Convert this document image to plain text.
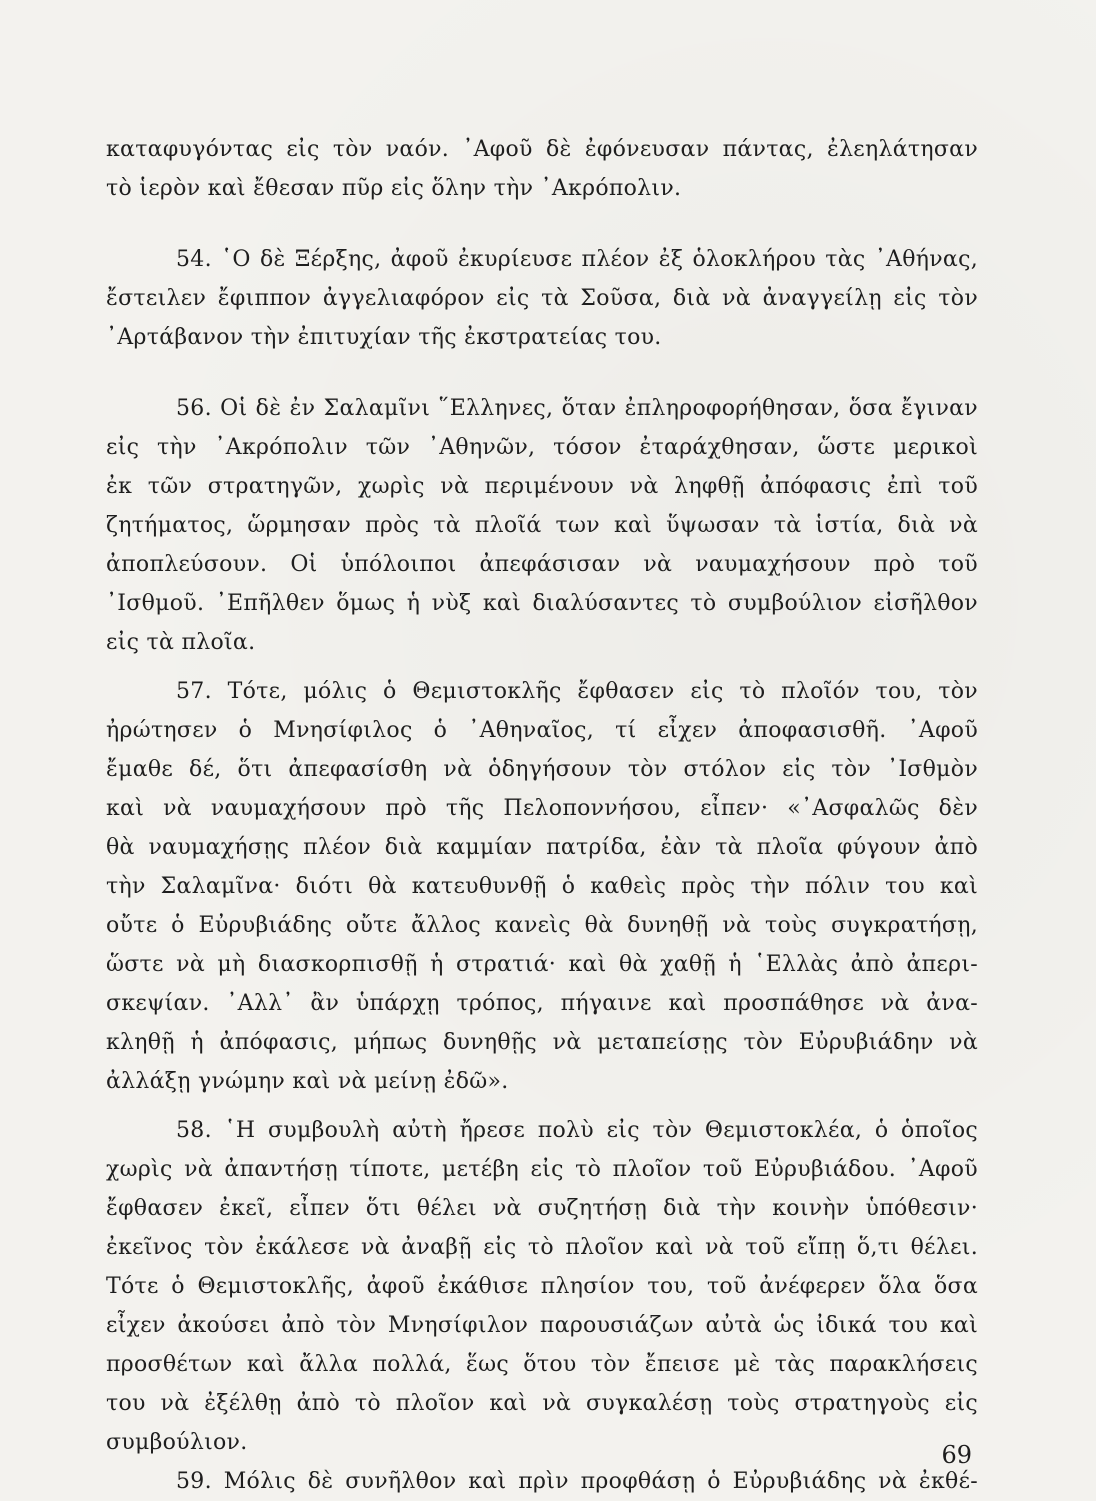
καταφυγόντας εἰς τὸν ναόν. ᾿Αφοῦ δὲ ἐφόνευσαν πάντας, ἐλεηλάτησαν
τὸ ἱερὸν καὶ ἔθεσαν πῦρ εἰς ὅλην τὴν ᾿Ακρόπολιν.
54. ῾Ο δὲ Ξέρξης, ἀφοῦ ἐκυρίευσε πλέον ἐξ ὁλοκλήρου τὰς ᾿Αθήνας,
ἔστειλεν ἔφιππον ἀγγελιαφόρον εἰς τὰ Σοῦσα, διὰ νὰ ἀναγγείλῃ εἰς τὸν
᾿Αρτάβανον τὴν ἐπιτυχίαν τῆς ἐκστρατείας του.
56. Οἱ δὲ ἐν Σαλαμῖνι ῞Ελληνες, ὅταν ἐπληροφορήθησαν, ὅσα ἔγιναν
εἰς τὴν ᾿Ακρόπολιν τῶν ᾿Αθηνῶν, τόσον ἐταράχθησαν, ὥστε μερικοὶ
ἐκ τῶν στρατηγῶν, χωρὶς νὰ περιμένουν νὰ ληφθῇ ἀπόφασις ἐπὶ τοῦ
ζητήματος, ὥρμησαν πρὸς τὰ πλοῖά των καὶ ὕψωσαν τὰ ἱστία, διὰ νὰ
ἀποπλεύσουν. Οἱ ὑπόλοιποι ἀπεφάσισαν νὰ ναυμαχήσουν πρὸ τοῦ
᾿Ισθμοῦ. ᾿Επῆλθεν ὅμως ἡ νὺξ καὶ διαλύσαντες τὸ συμβούλιον εἰσῆλθον
εἰς τὰ πλοῖα.
57. Τότε, μόλις ὁ Θεμιστοκλῆς ἔφθασεν εἰς τὸ πλοῖόν του, τὸν
ἠρώτησεν ὁ Μνησίφιλος ὁ ᾿Αθηναῖος, τί εἶχεν ἀποφασισθῆ. ᾿Αφοῦ
ἔμαθε δέ, ὅτι ἀπεφασίσθη νὰ ὁδηγήσουν τὸν στόλον εἰς τὸν ᾿Ισθμὸν
καὶ νὰ ναυμαχήσουν πρὸ τῆς Πελοποννήσου, εἶπεν· «᾿Ασφαλῶς δὲν
θὰ ναυμαχήσῃς πλέον διὰ καμμίαν πατρίδα, ἐὰν τὰ πλοῖα φύγουν ἀπὸ
τὴν Σαλαμῖνα· διότι θὰ κατευθυνθῇ ὁ καθεὶς πρὸς τὴν πόλιν του καὶ
οὔτε ὁ Εὐρυβιάδης οὔτε ἄλλος κανεὶς θὰ δυνηθῇ νὰ τοὺς συγκρατήσῃ,
ὥστε νὰ μὴ διασκορπισθῇ ἡ στρατιά· καὶ θὰ χαθῇ ἡ ῾Ελλὰς ἀπὸ ἀπερι-
σκεψίαν. ᾿Αλλ᾿ ἂν ὑπάρχῃ τρόπος, πήγαινε καὶ προσπάθησε νὰ ἀνα-
κληθῇ ἡ ἀπόφασις, μήπως δυνηθῇς νὰ μεταπείσῃς τὸν Εὐρυβιάδην νὰ
ἀλλάξῃ γνώμην καὶ νὰ μείνῃ ἐδῶ».
58. ῾Η συμβουλὴ αὐτὴ ἤρεσε πολὺ εἰς τὸν Θεμιστοκλέα, ὁ ὁποῖος
χωρὶς νὰ ἀπαντήσῃ τίποτε, μετέβη εἰς τὸ πλοῖον τοῦ Εὐρυβιάδου. ᾿Αφοῦ
ἔφθασεν ἐκεῖ, εἶπεν ὅτι θέλει νὰ συζητήσῃ διὰ τὴν κοινὴν ὑπόθεσιν·
ἐκεῖνος τὸν ἐκάλεσε νὰ ἀναβῇ εἰς τὸ πλοῖον καὶ νὰ τοῦ εἴπῃ ὅ,τι θέλει.
Τότε ὁ Θεμιστοκλῆς, ἀφοῦ ἐκάθισε πλησίον του, τοῦ ἀνέφερεν ὅλα ὅσα
εἶχεν ἀκούσει ἀπὸ τὸν Μνησίφιλον παρουσιάζων αὐτὰ ὡς ἰδικά του καὶ
προσθέτων καὶ ἄλλα πολλά, ἕως ὅτου τὸν ἔπεισε μὲ τὰς παρακλήσεις
του νὰ ἐξέλθῃ ἀπὸ τὸ πλοῖον καὶ νὰ συγκαλέσῃ τοὺς στρατηγοὺς εἰς
συμβούλιον.
59. Μόλις δὲ συνῆλθον καὶ πρὶν προφθάσῃ ὁ Εὐρυβιάδης νὰ ἐκθέ-
69
